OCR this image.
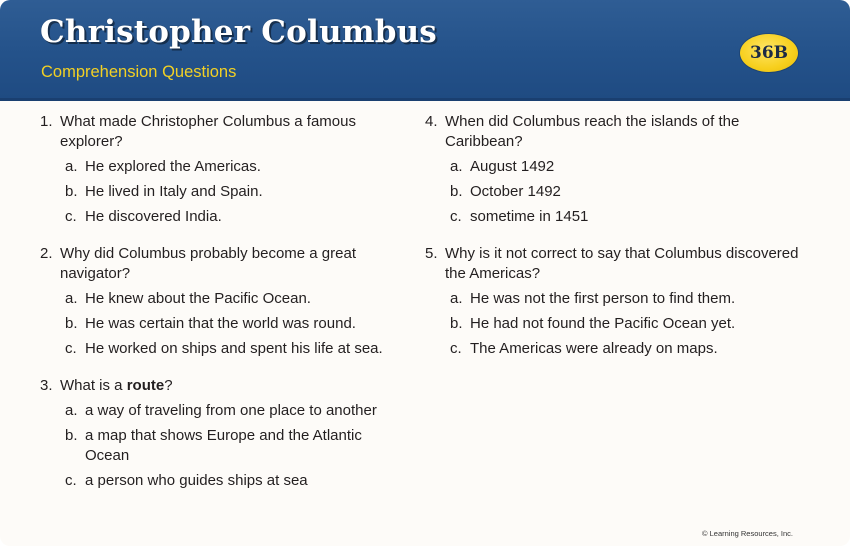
Christopher Columbus
Comprehension Questions
36B
1. What made Christopher Columbus a famous explorer?
a. He explored the Americas.
b. He lived in Italy and Spain.
c. He discovered India.
2. Why did Columbus probably become a great navigator?
a. He knew about the Pacific Ocean.
b. He was certain that the world was round.
c. He worked on ships and spent his life at sea.
3. What is a route?
a. a way of traveling from one place to another
b. a map that shows Europe and the Atlantic Ocean
c. a person who guides ships at sea
4. When did Columbus reach the islands of the Caribbean?
a. August 1492
b. October 1492
c. sometime in 1451
5. Why is it not correct to say that Columbus discovered the Americas?
a. He was not the first person to find them.
b. He had not found the Pacific Ocean yet.
c. The Americas were already on maps.
© Learning Resources, Inc.
